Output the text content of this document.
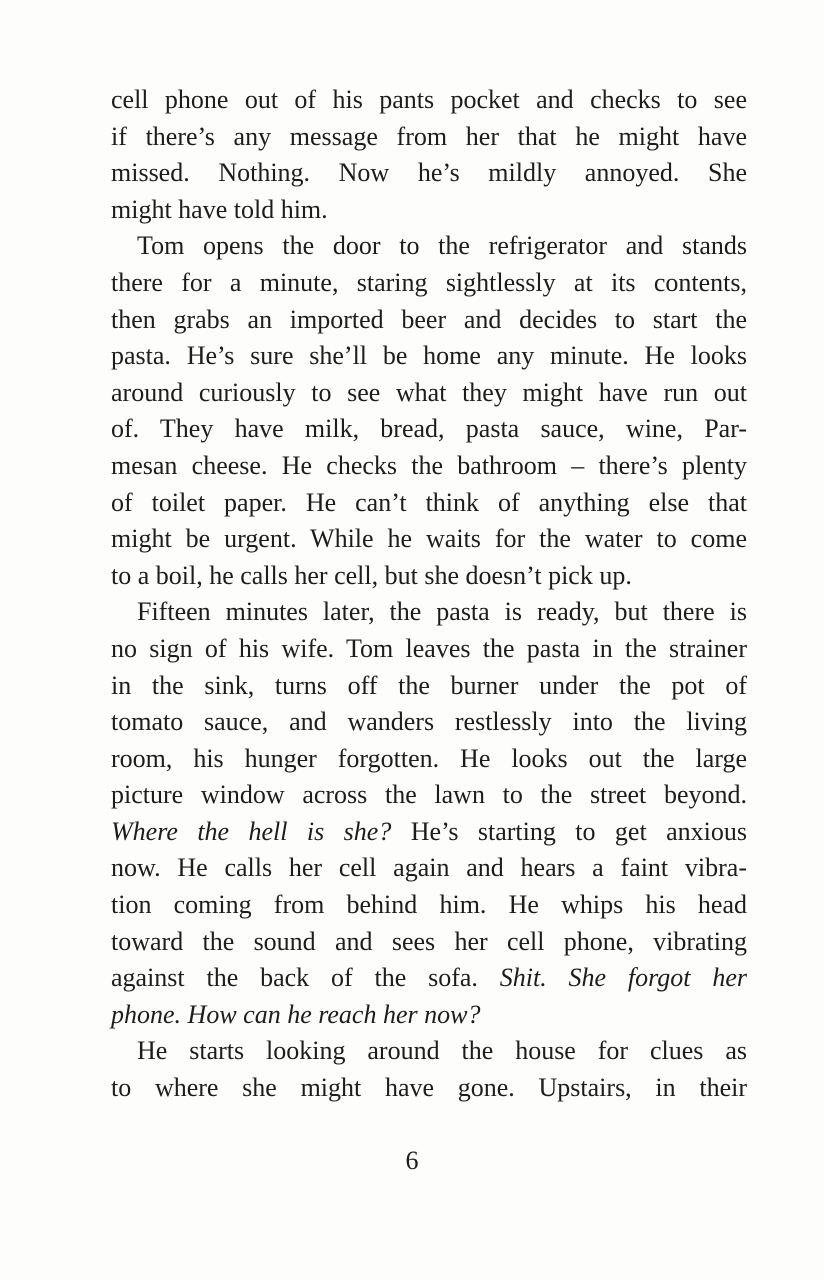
cell phone out of his pants pocket and checks to see
if there’s any message from her that he might have
missed. Nothing. Now he’s mildly annoyed. She
might have told him.
Tom opens the door to the refrigerator and stands
there for a minute, staring sightlessly at its contents,
then grabs an imported beer and decides to start the
pasta. He’s sure she’ll be home any minute. He looks
around curiously to see what they might have run out
of. They have milk, bread, pasta sauce, wine, Par-
mesan cheese. He checks the bathroom – there’s plenty
of toilet paper. He can’t think of anything else that
might be urgent. While he waits for the water to come
to a boil, he calls her cell, but she doesn’t pick up.
Fifteen minutes later, the pasta is ready, but there is
no sign of his wife. Tom leaves the pasta in the strainer
in the sink, turns off the burner under the pot of
tomato sauce, and wanders restlessly into the living
room, his hunger forgotten. He looks out the large
picture window across the lawn to the street beyond.
Where the hell is she? He’s starting to get anxious
now. He calls her cell again and hears a faint vibra-
tion coming from behind him. He whips his head
toward the sound and sees her cell phone, vibrating
against the back of the sofa. Shit. She forgot her
phone. How can he reach her now?
He starts looking around the house for clues as
to where she might have gone. Upstairs, in their
6
